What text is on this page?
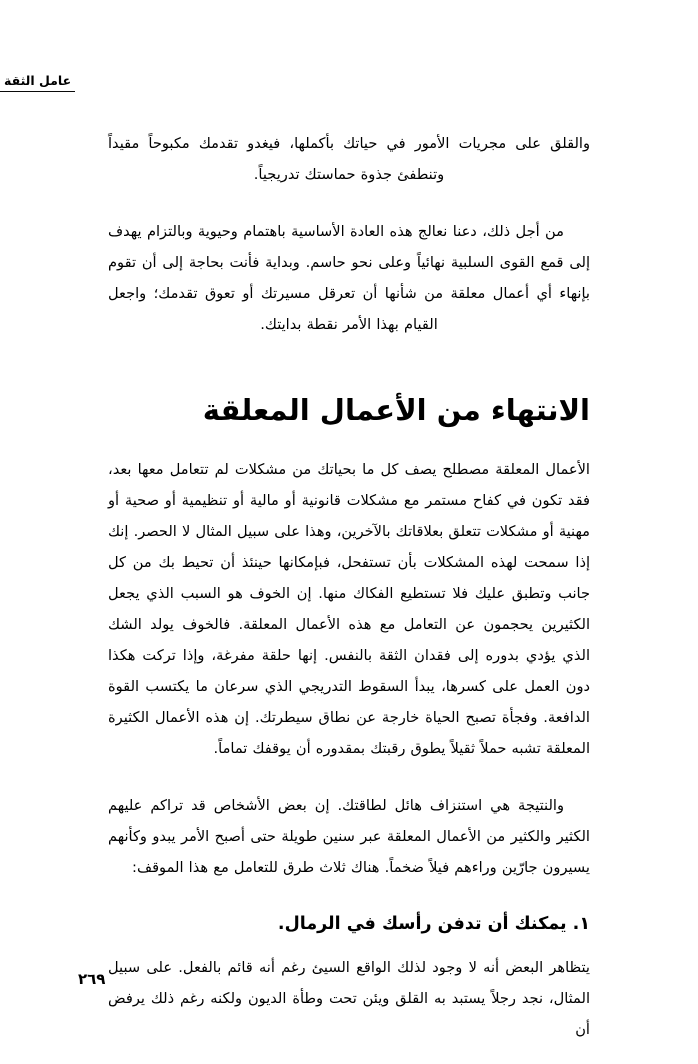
عامل الثقة

والقلق على مجريات الأمور في حياتك بأكملها، فيغدو تقدمك مكبوحاً مقيداً وتنطفئ جذوة حماستك تدريجياً.

من أجل ذلك، دعنا نعالج هذه العادة الأساسية باهتمام وحيوية وبالتزام يهدف إلى قمع القوى السلبية نهائياً وعلى نحو حاسم. وبداية فأنت بحاجة إلى أن تقوم بإنهاء أي أعمال معلقة من شأنها أن تعرقل مسيرتك أو تعوق تقدمك؛ واجعل القيام بهذا الأمر نقطة بدايتك.

الانتهاء من الأعمال المعلقة

الأعمال المعلقة مصطلح يصف كل ما بحياتك من مشكلات لم تتعامل معها بعد، فقد تكون في كفاح مستمر مع مشكلات قانونية أو مالية أو تنظيمية أو صحية أو مهنية أو مشكلات تتعلق بعلاقاتك بالآخرين، وهذا على سبيل المثال لا الحصر. إنك إذا سمحت لهذه المشكلات بأن تستفحل، فبإمكانها حينئذ أن تحيط بك من كل جانب وتطبق عليك فلا تستطيع الفكاك منها. إن الخوف هو السبب الذي يجعل الكثيرين يحجمون عن التعامل مع هذه الأعمال المعلقة. فالخوف يولد الشك الذي يؤدي بدوره إلى فقدان الثقة بالنفس. إنها حلقة مفرغة، وإذا تركت هكذا دون العمل على كسرها، يبدأ السقوط التدريجي الذي سرعان ما يكتسب القوة الدافعة. وفجأة تصبح الحياة خارجة عن نطاق سيطرتك. إن هذه الأعمال الكثيرة المعلقة تشبه حملاً ثقيلاً يطوق رقبتك بمقدوره أن يوقفك تماماً.

والنتيجة هي استنزاف هائل لطاقتك. إن بعض الأشخاص قد تراكم عليهم الكثير والكثير من الأعمال المعلقة عبر سنين طويلة حتى أصبح الأمر يبدو وكأنهم يسيرون جارّين وراءهم فيلاً ضخماً. هناك ثلاث طرق للتعامل مع هذا الموقف:

١. يمكنك أن تدفن رأسك في الرمال.

يتظاهر البعض أنه لا وجود لذلك الواقع السيئ رغم أنه قائم بالفعل. على سبيل المثال، نجد رجلاً يستبد به القلق ويئن تحت وطأة الديون ولكنه رغم ذلك يرفض أن

٢٦٩
